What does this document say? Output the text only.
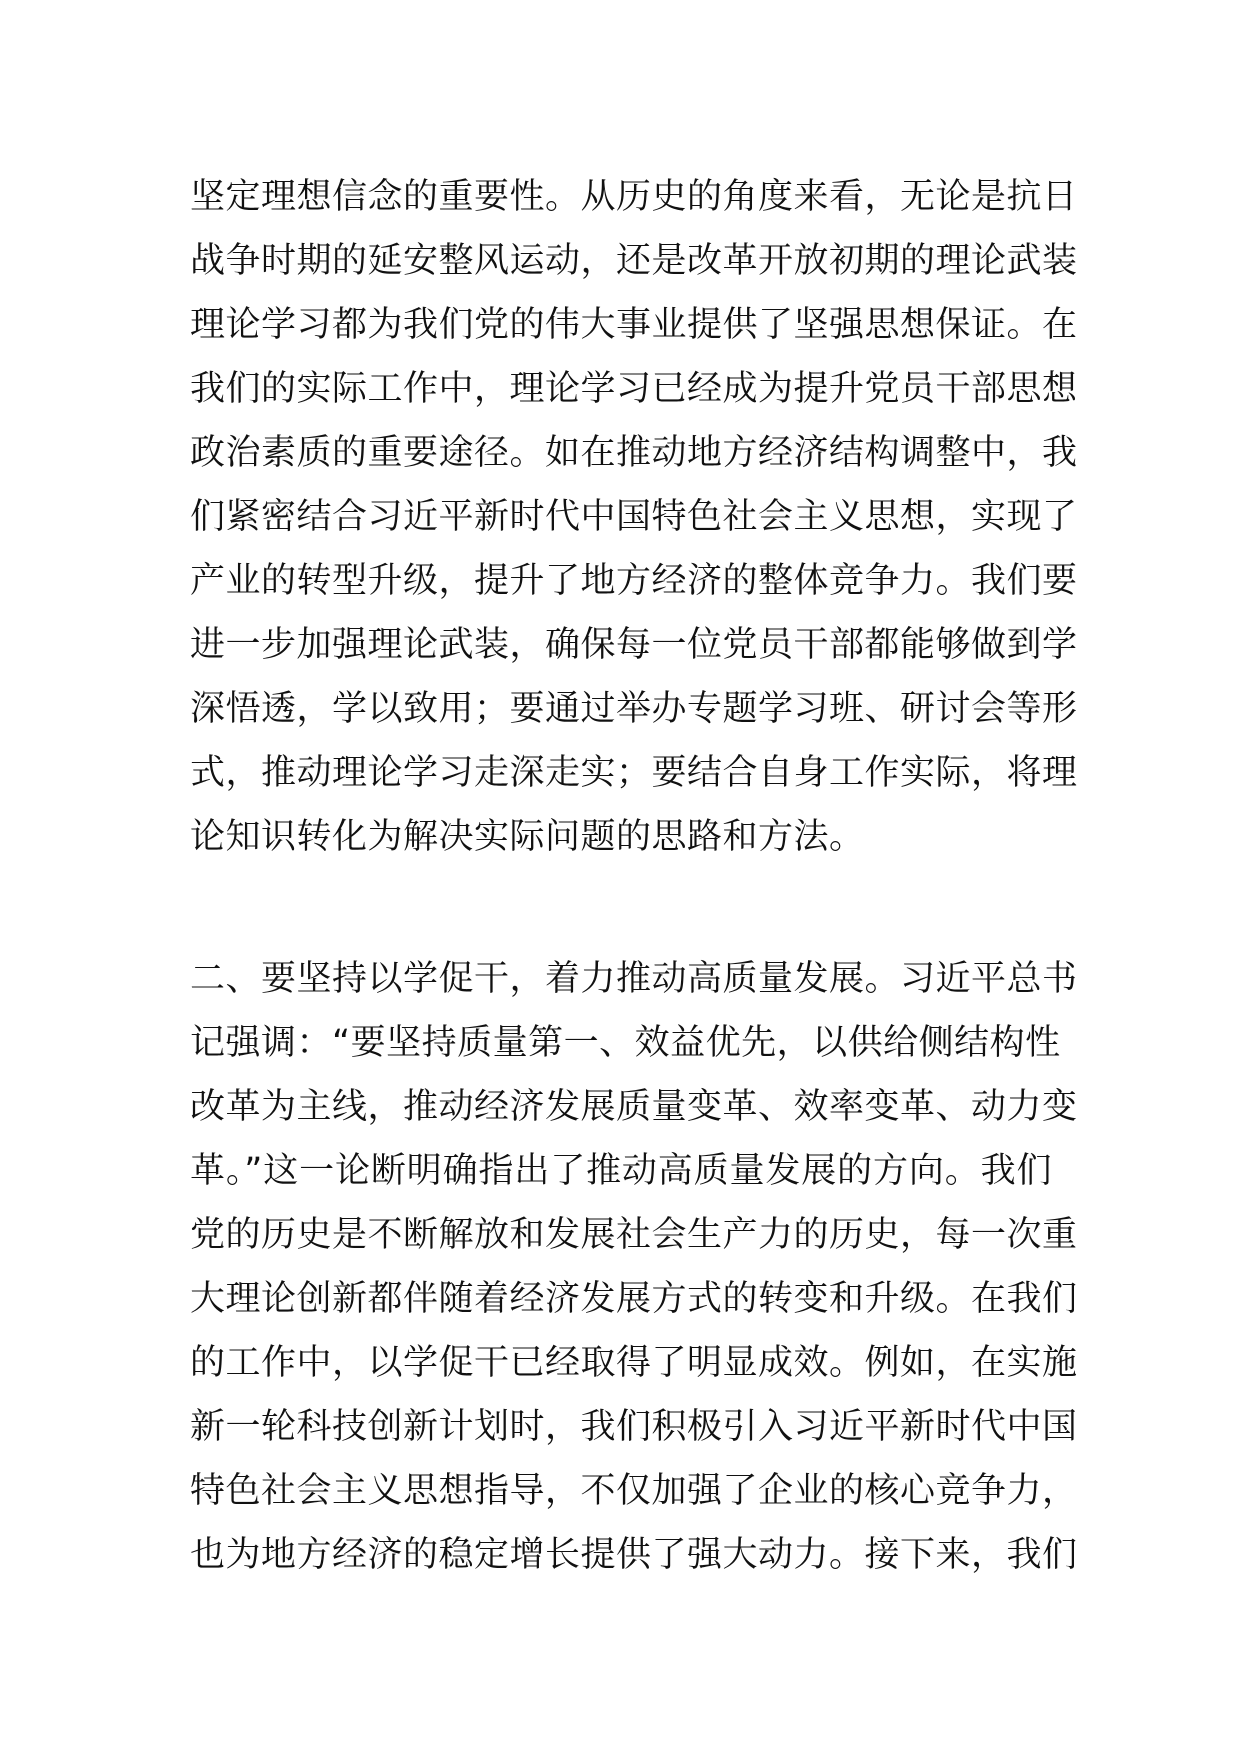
坚定理想信念的重要性。从历史的角度来看，无论是抗日
战争时期的延安整风运动，还是改革开放初期的理论武装
理论学习都为我们党的伟大事业提供了坚强思想保证。在
我们的实际工作中，理论学习已经成为提升党员干部思想
政治素质的重要途径。如在推动地方经济结构调整中，我
们紧密结合习近平新时代中国特色社会主义思想，实现了
产业的转型升级，提升了地方经济的整体竞争力。我们要
进一步加强理论武装，确保每一位党员干部都能够做到学
深悟透，学以致用；要通过举办专题学习班、研讨会等形
式，推动理论学习走深走实；要结合自身工作实际，将理
论知识转化为解决实际问题的思路和方法。
二、要坚持以学促干，着力推动高质量发展。习近平总书
记强调：“要坚持质量第一、效益优先，以供给侧结构性
改革为主线，推动经济发展质量变革、效率变革、动力变
革。”这一论断明确指出了推动高质量发展的方向。我们
党的历史是不断解放和发展社会生产力的历史，每一次重
大理论创新都伴随着经济发展方式的转变和升级。在我们
的工作中，以学促干已经取得了明显成效。例如，在实施
新一轮科技创新计划时，我们积极引入习近平新时代中国
特色社会主义思想指导，不仅加强了企业的核心竞争力，
也为地方经济的稳定增长提供了强大动力。接下来，我们
